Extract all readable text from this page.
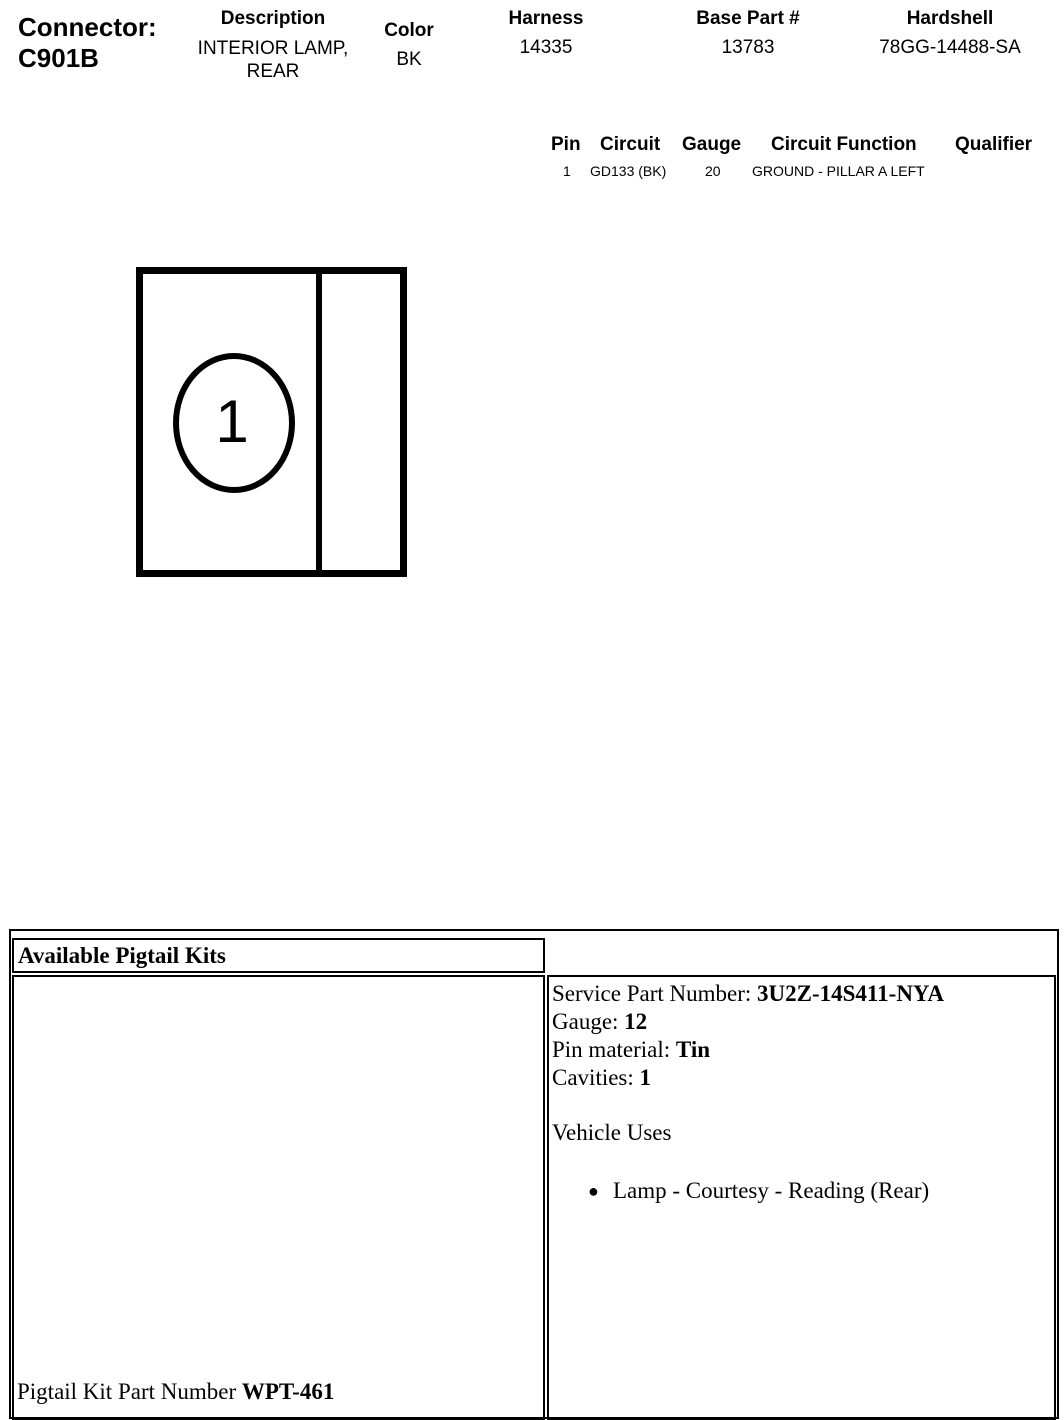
Connector:
C901B
Description
INTERIOR LAMP,
REAR
Color
BK
Harness
14335
Base Part #
13783
Hardshell
78GG-14488-SA
Pin Circuit Gauge Circuit Function Qualifier
1 GD133 (BK)	20 GROUND - PILLAR A LEFT
1
Available Pigtail Kits
Pigtail Kit Part Number WPT-461
Service Part Number: 3U2Z-14S411-NYA
Gauge: 12
Pin material: Tin
Cavities: 1
Vehicle Uses
● Lamp - Courtesy - Reading (Rear)
